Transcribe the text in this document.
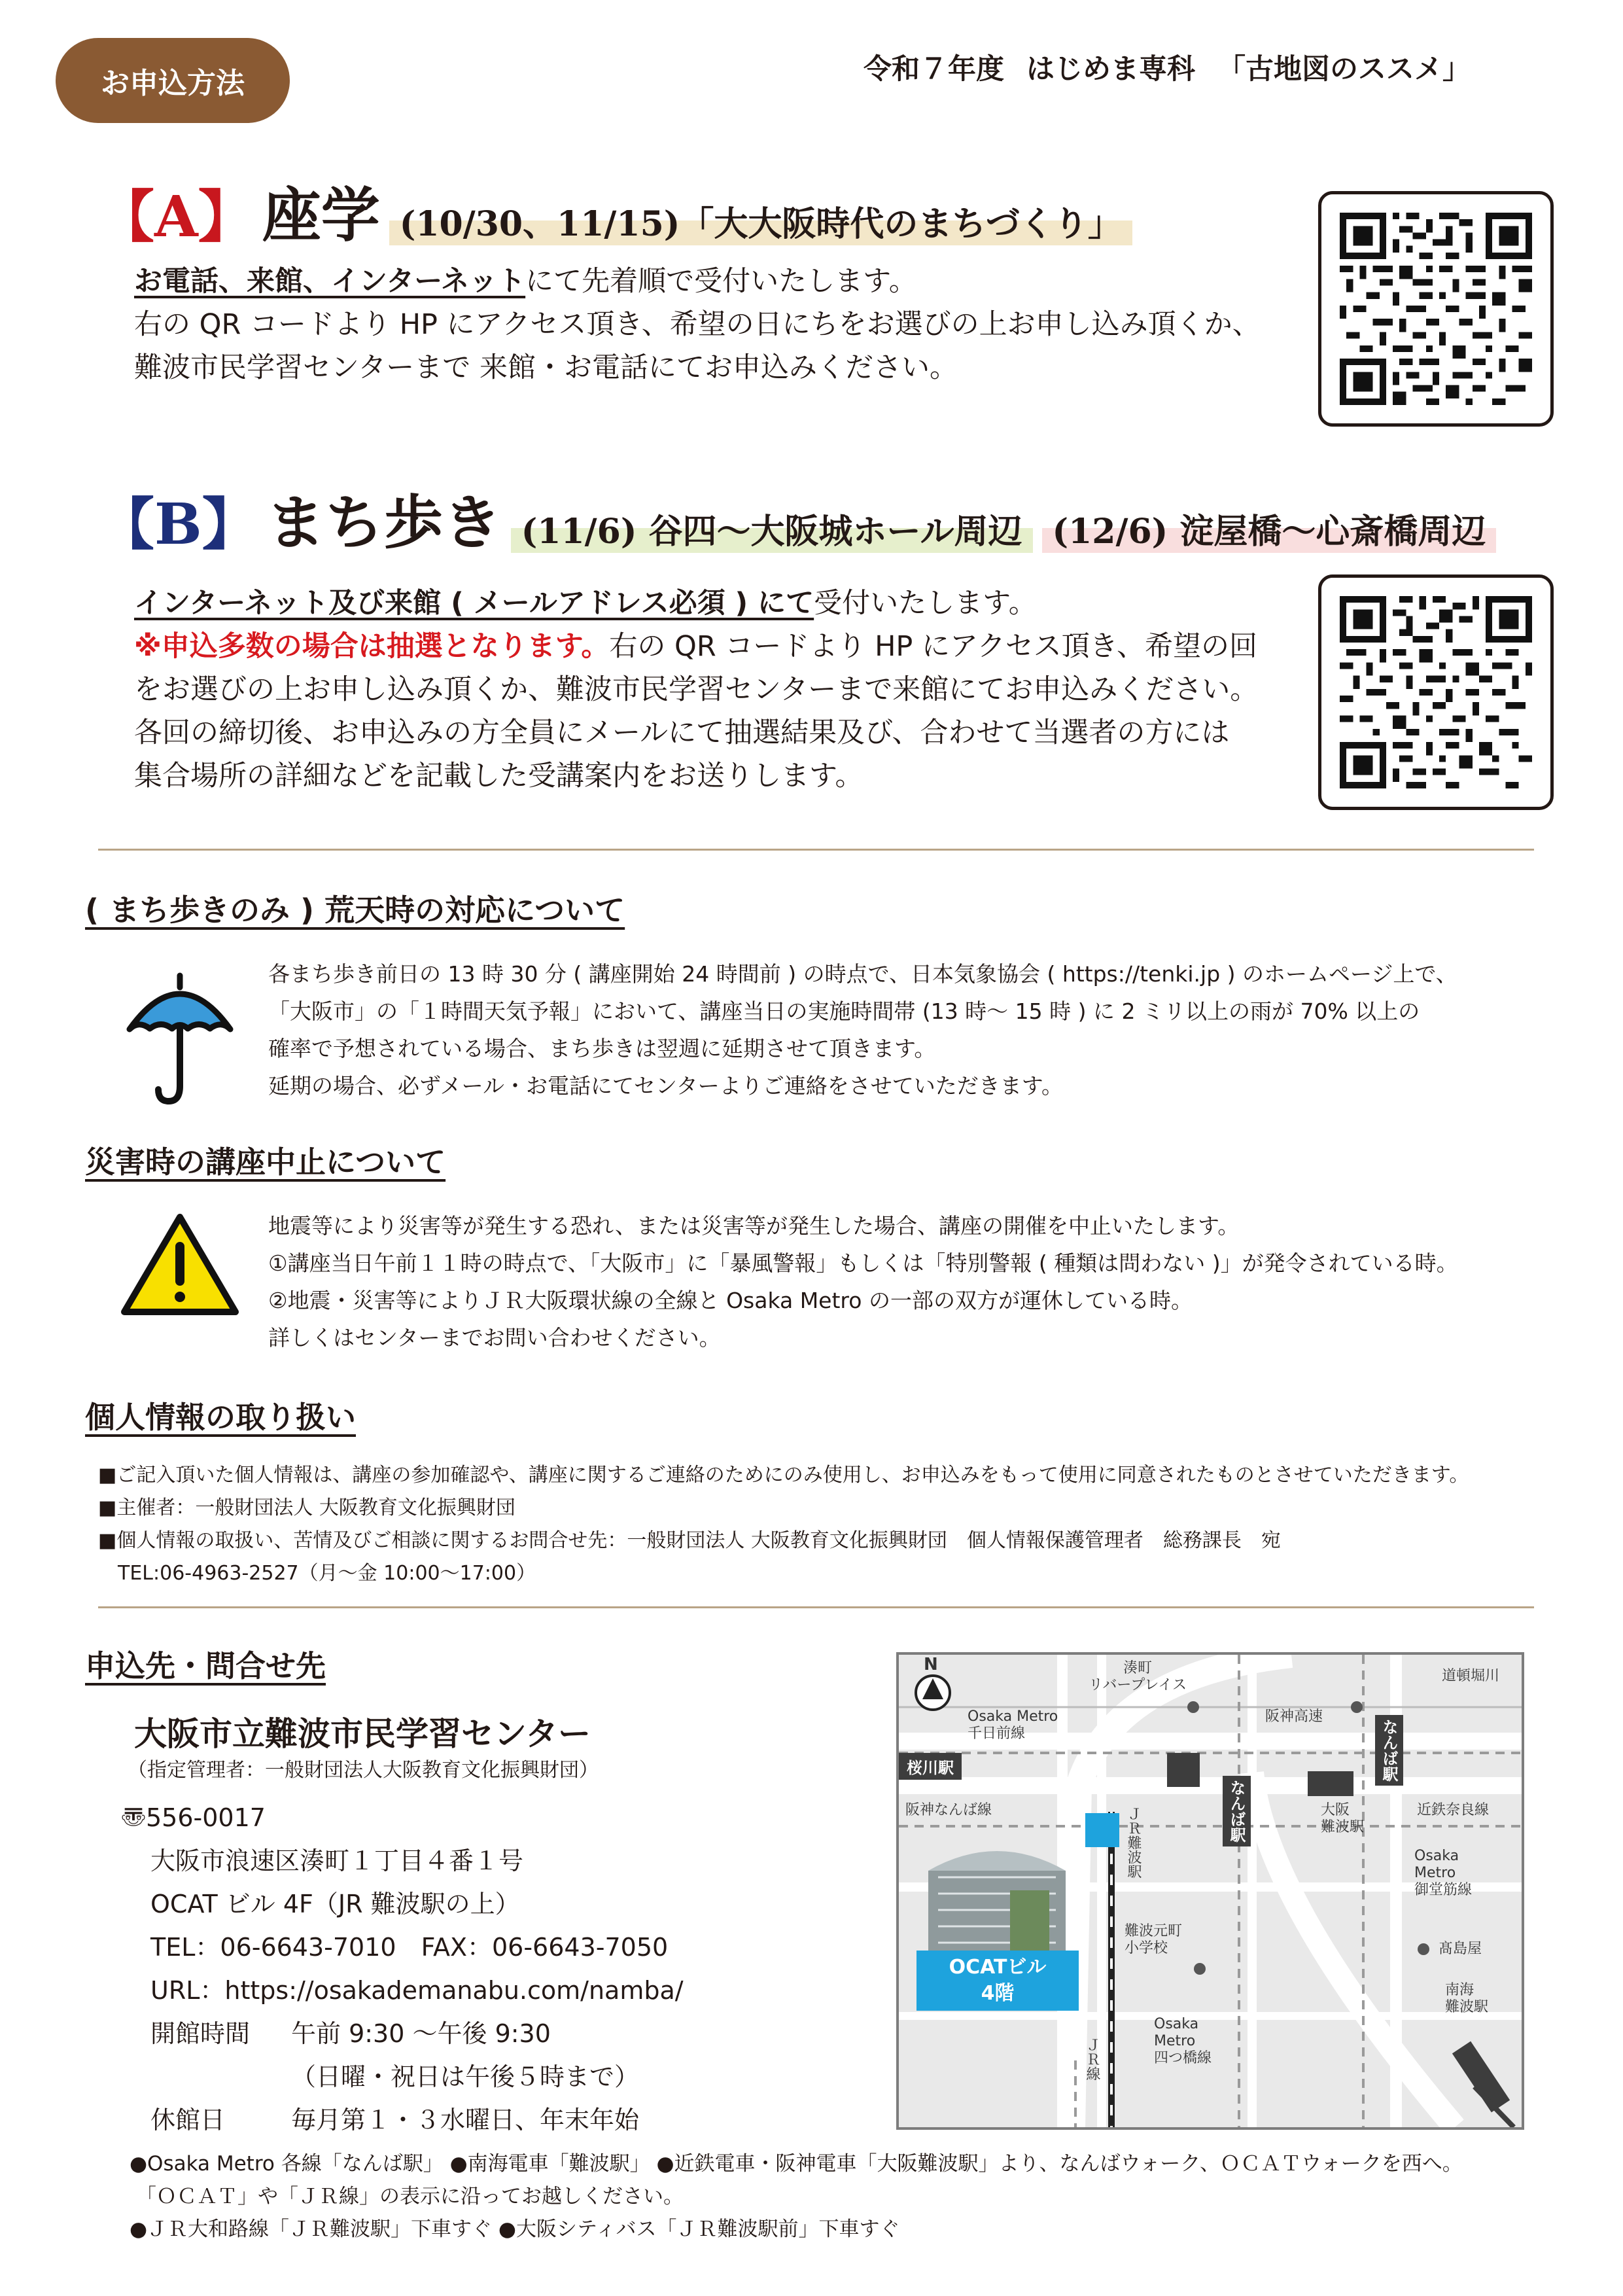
お申込方法	令和７年度 はじめま専科 「古地図のススメ」
【A】 座学 (10/30、11/15)「大大阪時代のまちづくり」
お電話、来館、インターネットにて先着順で受付いたします。
右の QR コードより HP にアクセス頂き、希望の日にちをお選びの上お申し込み頂くか、
難波市民学習センターまで 来館・お電話にてお申込みください。
【B】 まち歩き (11/6) 谷四〜大阪城ホール周辺 (12/6) 淀屋橋〜心斎橋周辺
インターネット及び来館 ( メールアドレス必須 ) にて受付いたします。
※申込多数の場合は抽選となります。右の QR コードより HP にアクセス頂き、希望の回
をお選びの上お申し込み頂くか、難波市民学習センターまで来館にてお申込みください。
各回の締切後、お申込みの方全員にメールにて抽選結果及び、合わせて当選者の方には
集合場所の詳細などを記載した受講案内をお送りします。
( まち歩きのみ ) 荒天時の対応について
各まち歩き前日の 13 時 30 分 ( 講座開始 24 時間前 ) の時点で、日本気象協会 ( https://tenki.jp ) のホームページ上で、
「大阪市」の「１時間天気予報」において、講座当日の実施時間帯 (13 時〜 15 時 ) に 2 ミリ以上の雨が 70% 以上の
確率で予想されている場合、まち歩きは翌週に延期させて頂きます。
延期の場合、必ずメール・お電話にてセンターよりご連絡をさせていただきます。
災害時の講座中止について
地震等により災害等が発生する恐れ、または災害等が発生した場合、講座の開催を中止いたします。
①講座当日午前１１時の時点で、「大阪市」に「暴風警報」もしくは「特別警報 ( 種類は問わない )」が発令されている時。
②地震・災害等によりＪＲ大阪環状線の全線と Osaka Metro の一部の双方が運休している時。
詳しくはセンターまでお問い合わせください。
個人情報の取り扱い
■ご記入頂いた個人情報は、講座の参加確認や、講座に関するご連絡のためにのみ使用し、お申込みをもって使用に同意されたものとさせていただきます。
■主催者：一般財団法人 大阪教育文化振興財団
■個人情報の取扱い、苦情及びご相談に関するお問合せ先：一般財団法人 大阪教育文化振興財団　個人情報保護管理者　総務課長　宛
TEL:06-4963-2527（月〜金 10:00〜17:00）
申込先・問合せ先
大阪市立難波市民学習センター
（指定管理者：一般財団法人大阪教育文化振興財団）
〠556-0017
大阪市浪速区湊町１丁目４番１号
OCAT ビル 4F（JR 難波駅の上）
TEL：06-6643-7010　FAX：06-6643-7050
URL：https://osakademanabu.com/namba/
開館時間 午前 9:30 〜午後 9:30
（日曜・祝日は午後５時まで）
休館日	毎月第１・３水曜日、年末年始
N	湊町
リバープレイス
Osaka Metro
千日前線
阪神高速
道頓堀川
桜川駅	なんば駅
なんば駅
阪神なんば線	ＪＲ難波駅	大阪
難波駅
近鉄奈良線
Osaka
Metro
御堂筋線
難波元町
小学校	髙島屋
南海
難波駅
Osaka
Metro
四つ橋線
ＪＲ線
OCATビル
4階
●Osaka Metro 各線「なんば駅」 ●南海電車「難波駅」 ●近鉄電車・阪神電車「大阪難波駅」より、なんばウォーク、ＯＣＡＴウォークを西へ。
「ＯＣＡＴ」や「ＪＲ線」の表示に沿ってお越しください。
●ＪＲ大和路線「ＪＲ難波駅」下車すぐ ●大阪シティバス「ＪＲ難波駅前」下車すぐ
